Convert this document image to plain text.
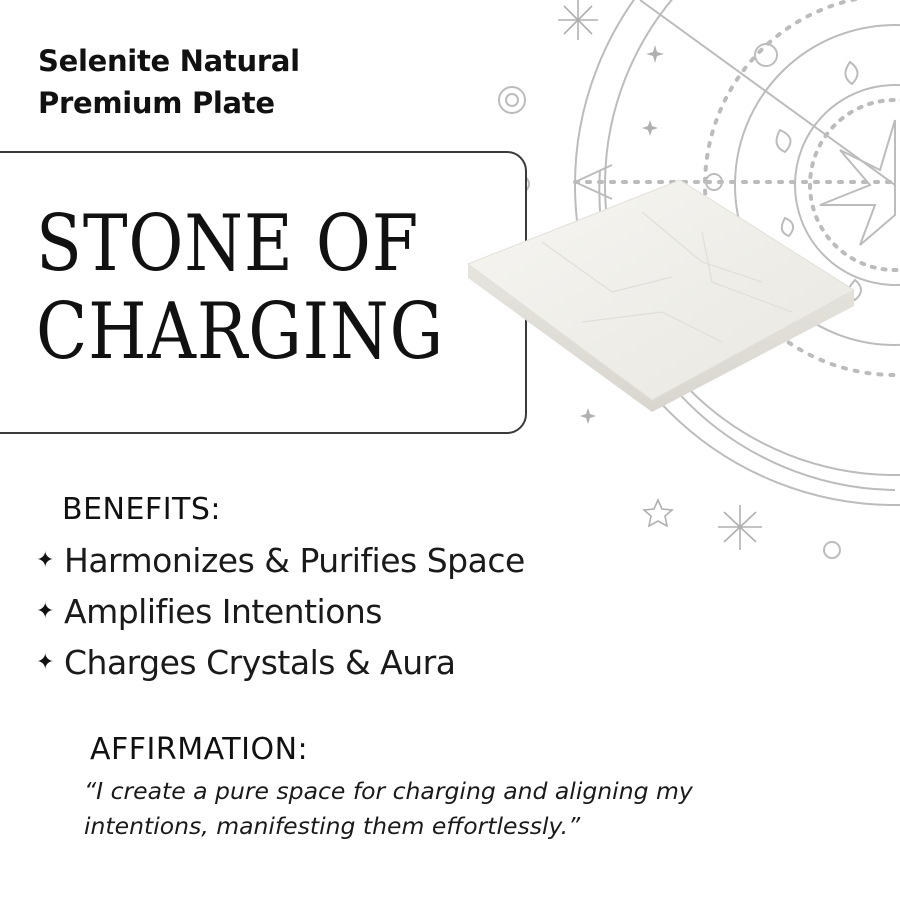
Selenite Natural Premium Plate
STONE OF
CHARGING
BENEFITS:
✦ Harmonizes & Purifies Space
✦ Amplifies Intentions
✦ Charges Crystals & Aura
AFFIRMATION:
“I create a pure space for charging and aligning my intentions, manifesting them effortlessly.”
